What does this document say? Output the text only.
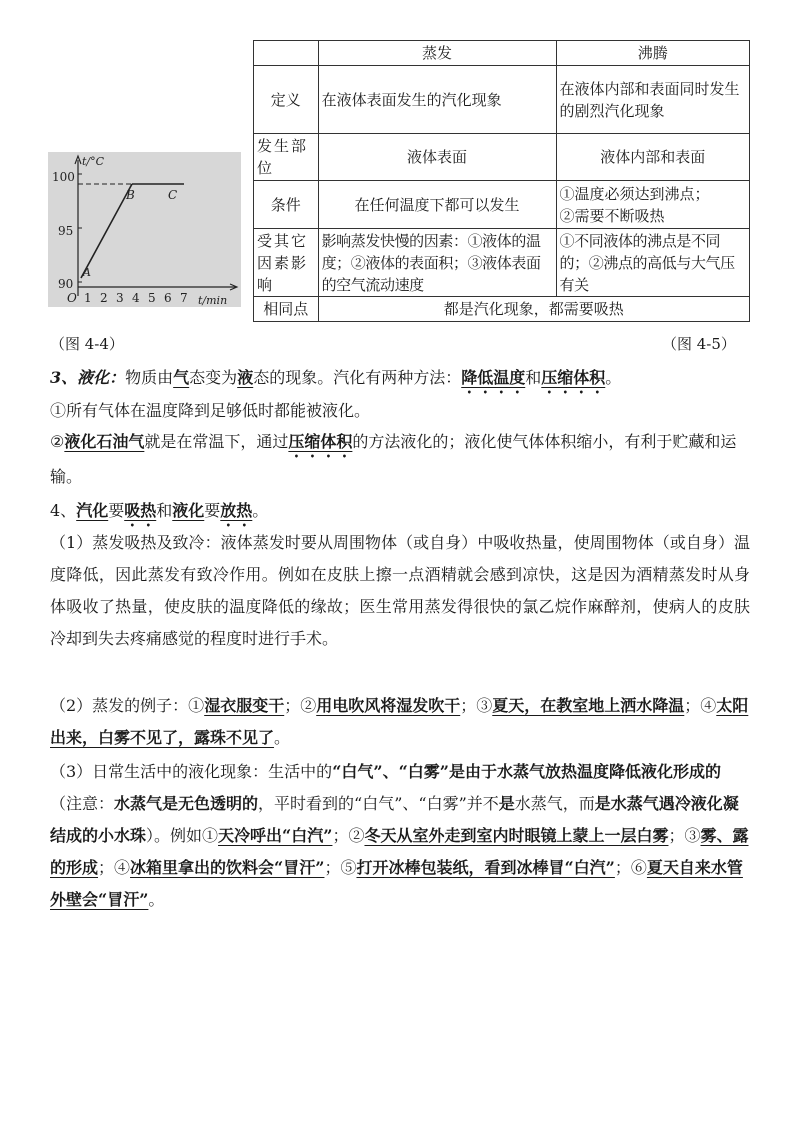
t/°C
100
95
90
O 1 2 3 4 5 6 7 t/min
A
B	C
	蒸发	沸腾
定义	在液体表面发生的汽化现象	在液体内部和表面同时发生的剧烈汽化现象
发生部位	液体表面	液体内部和表面
条件	在任何温度下都可以发生	①温度必须达到沸点；
②需要不断吸热

受其它因素影响	影响蒸发快慢的因素：①液体的温度；②液体的表面积；③液体表面的空气流动速度	①不同液体的沸点是不同的；②沸点的高低与大气压有关
相同点	都是汽化现象，都需要吸热	
（图 4-4）	（图 4-5）
3、液化：物质由气态变为液态的现象。汽化有两种方法：降低温度和压缩体积。
①所有气体在温度降到足够低时都能被液化。
②液化石油气就是在常温下，通过压缩体积的方法液化的；液化使气体体积缩小，有利于贮藏和运输。
4、汽化要吸热和液化要放热。
（1）蒸发吸热及致冷：液体蒸发时要从周围物体（或自身）中吸收热量，使周围物体（或自身）温度降低，因此蒸发有致冷作用。例如在皮肤上擦一点酒精就会感到凉快，这是因为酒精蒸发时从身体吸收了热量，使皮肤的温度降低的缘故；医生常用蒸发得很快的氯乙烷作麻醉剂，使病人的皮肤冷却到失去疼痛感觉的程度时进行手术。
（2）蒸发的例子：①湿衣服变干；②用电吹风将湿发吹干；③夏天，在教室地上洒水降温；④太阳出来，白雾不见了，露珠不见了。
（3）日常生活中的液化现象：生活中的“白气”、“白雾”是由于水蒸气放热温度降低液化形成的（注意：水蒸气是无色透明的，平时看到的“白气”、“白雾”并不是水蒸气，而是水蒸气遇冷液化凝结成的小水珠）。例如①天冷呼出“白汽”；②冬天从室外走到室内时眼镜上蒙上一层白雾；③雾、露的形成；④冰箱里拿出的饮料会“冒汗”；⑤打开冰棒包装纸，看到冰棒冒“白汽”；⑥夏天自来水管外壁会“冒汗”。
